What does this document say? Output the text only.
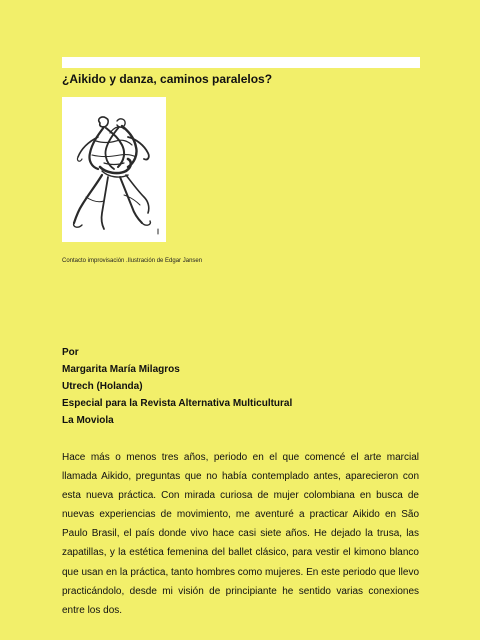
¿Aikido y danza, caminos paralelos?
Contacto improvisación .Ilustración de Edgar Jansen
Por
Margarita María Milagros
Utrech (Holanda)
Especial para la Revista Alternativa Multicultural
La Moviola

Hace más o menos tres años, periodo en el que comencé el arte marcial llamada Aikido, preguntas que no había contemplado antes, aparecieron con esta nueva práctica. Con mirada curiosa de mujer colombiana en busca de nuevas experiencias de movimiento, me aventuré a practicar Aikido en São Paulo Brasil, el país donde vivo hace casi siete años. He dejado la trusa, las zapatillas, y la estética femenina del ballet clásico, para vestir el kimono blanco que usan en la práctica, tanto hombres como mujeres. En este periodo que llevo practicándolo, desde mi visión de principiante he sentido varias conexiones entre los dos.
